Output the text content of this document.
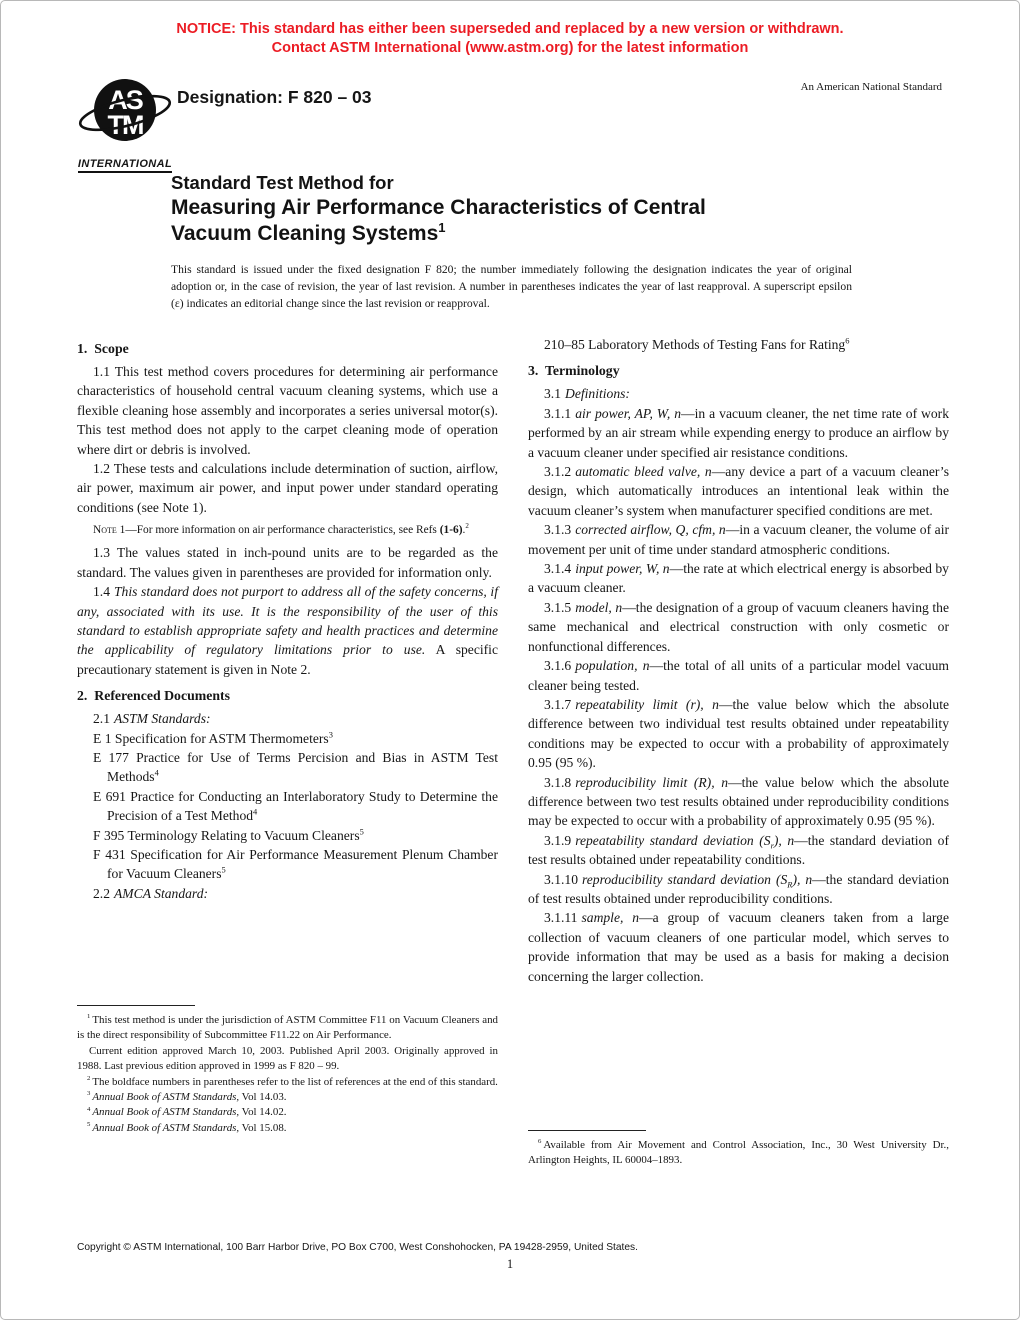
NOTICE: This standard has either been superseded and replaced by a new version or withdrawn.
Contact ASTM International (www.astm.org) for the latest information
AS
TM
INTERNATIONAL
Designation: F 820 – 03	An American National Standard
Standard Test Method for
Measuring Air Performance Characteristics of Central
Vacuum Cleaning Systems$^1$
This standard is issued under the fixed designation F 820; the number immediately following the designation indicates the year of original adoption or, in the case of revision, the year of last revision. A number in parentheses indicates the year of last reapproval. A superscript epsilon (ε) indicates an editorial change since the last revision or reapproval.

1.  Scope

1.1 This test method covers procedures for determining air performance characteristics of household central vacuum cleaning systems, which use a flexible cleaning hose assembly and incorporates a series universal motor(s). This test method does not apply to the carpet cleaning mode of operation where dirt or debris is involved.

1.2 These tests and calculations include determination of suction, airflow, air power, maximum air power, and input power under standard operating conditions (see Note 1).

Note 1—For more information on air performance characteristics, see Refs (1-6).$^2$

1.3 The values stated in inch-pound units are to be regarded as the standard. The values given in parentheses are provided for information only.

1.4 This standard does not purport to address all of the safety concerns, if any, associated with its use. It is the responsibility of the user of this standard to establish appropriate safety and health practices and determine the applicability of regulatory limitations prior to use. A specific precautionary statement is given in Note 2.

2.  Referenced Documents

2.1 ASTM Standards:

E 1 Specification for ASTM Thermometers$^3$

E 177 Practice for Use of Terms Percision and Bias in ASTM Test Methods$^4$

E 691 Practice for Conducting an Interlaboratory Study to Determine the Precision of a Test Method$^4$

F 395 Terminology Relating to Vacuum Cleaners$^5$

F 431 Specification for Air Performance Measurement Plenum Chamber for Vacuum Cleaners$^5$

2.2 AMCA Standard:

210–85 Laboratory Methods of Testing Fans for Rating$^6$

3.  Terminology

3.1 Definitions:

3.1.1 air power, AP, W, n—in a vacuum cleaner, the net time rate of work performed by an air stream while expending energy to produce an airflow by a vacuum cleaner under specified air resistance conditions.

3.1.2 automatic bleed valve, n—any device a part of a vacuum cleaner’s design, which automatically introduces an intentional leak within the vacuum cleaner’s system when manufacturer specified conditions are met.

3.1.3 corrected airflow, Q, cfm, n—in a vacuum cleaner, the volume of air movement per unit of time under standard atmospheric conditions.

3.1.4 input power, W, n—the rate at which electrical energy is absorbed by a vacuum cleaner.

3.1.5 model, n—the designation of a group of vacuum cleaners having the same mechanical and electrical construction with only cosmetic or nonfunctional differences.

3.1.6 population, n—the total of all units of a particular model vacuum cleaner being tested.

3.1.7 repeatability limit (r), n—the value below which the absolute difference between two individual test results obtained under repeatability conditions may be expected to occur with a probability of approximately 0.95 (95 %).

3.1.8 reproducibility limit (R), n—the value below which the absolute difference between two test results obtained under reproducibility conditions may be expected to occur with a probability of approximately 0.95 (95 %).

3.1.9 repeatability standard deviation $(S_r)$, n—the standard deviation of test results obtained under repeatability conditions.

3.1.10 reproducibility standard deviation $(S_R)$, n—the standard deviation of test results obtained under reproducibility conditions.

3.1.11 sample, n—a group of vacuum cleaners taken from a large collection of vacuum cleaners of one particular model, which serves to provide information that may be used as a basis for making a decision concerning the larger collection.

$^1$ This test method is under the jurisdiction of ASTM Committee F11 on Vacuum Cleaners and is the direct responsibility of Subcommittee F11.22 on Air Performance.

Current edition approved March 10, 2003. Published April 2003. Originally approved in 1988. Last previous edition approved in 1999 as F 820 – 99.

$^2$ The boldface numbers in parentheses refer to the list of references at the end of this standard.

$^3$ Annual Book of ASTM Standards, Vol 14.03.

$^4$ Annual Book of ASTM Standards, Vol 14.02.

$^5$ Annual Book of ASTM Standards, Vol 15.08.

$^6$ Available from Air Movement and Control Association, Inc., 30 West University Dr., Arlington Heights, IL 60004–1893.

Copyright © ASTM International, 100 Barr Harbor Drive, PO Box C700, West Conshohocken, PA 19428-2959, United States.
1
